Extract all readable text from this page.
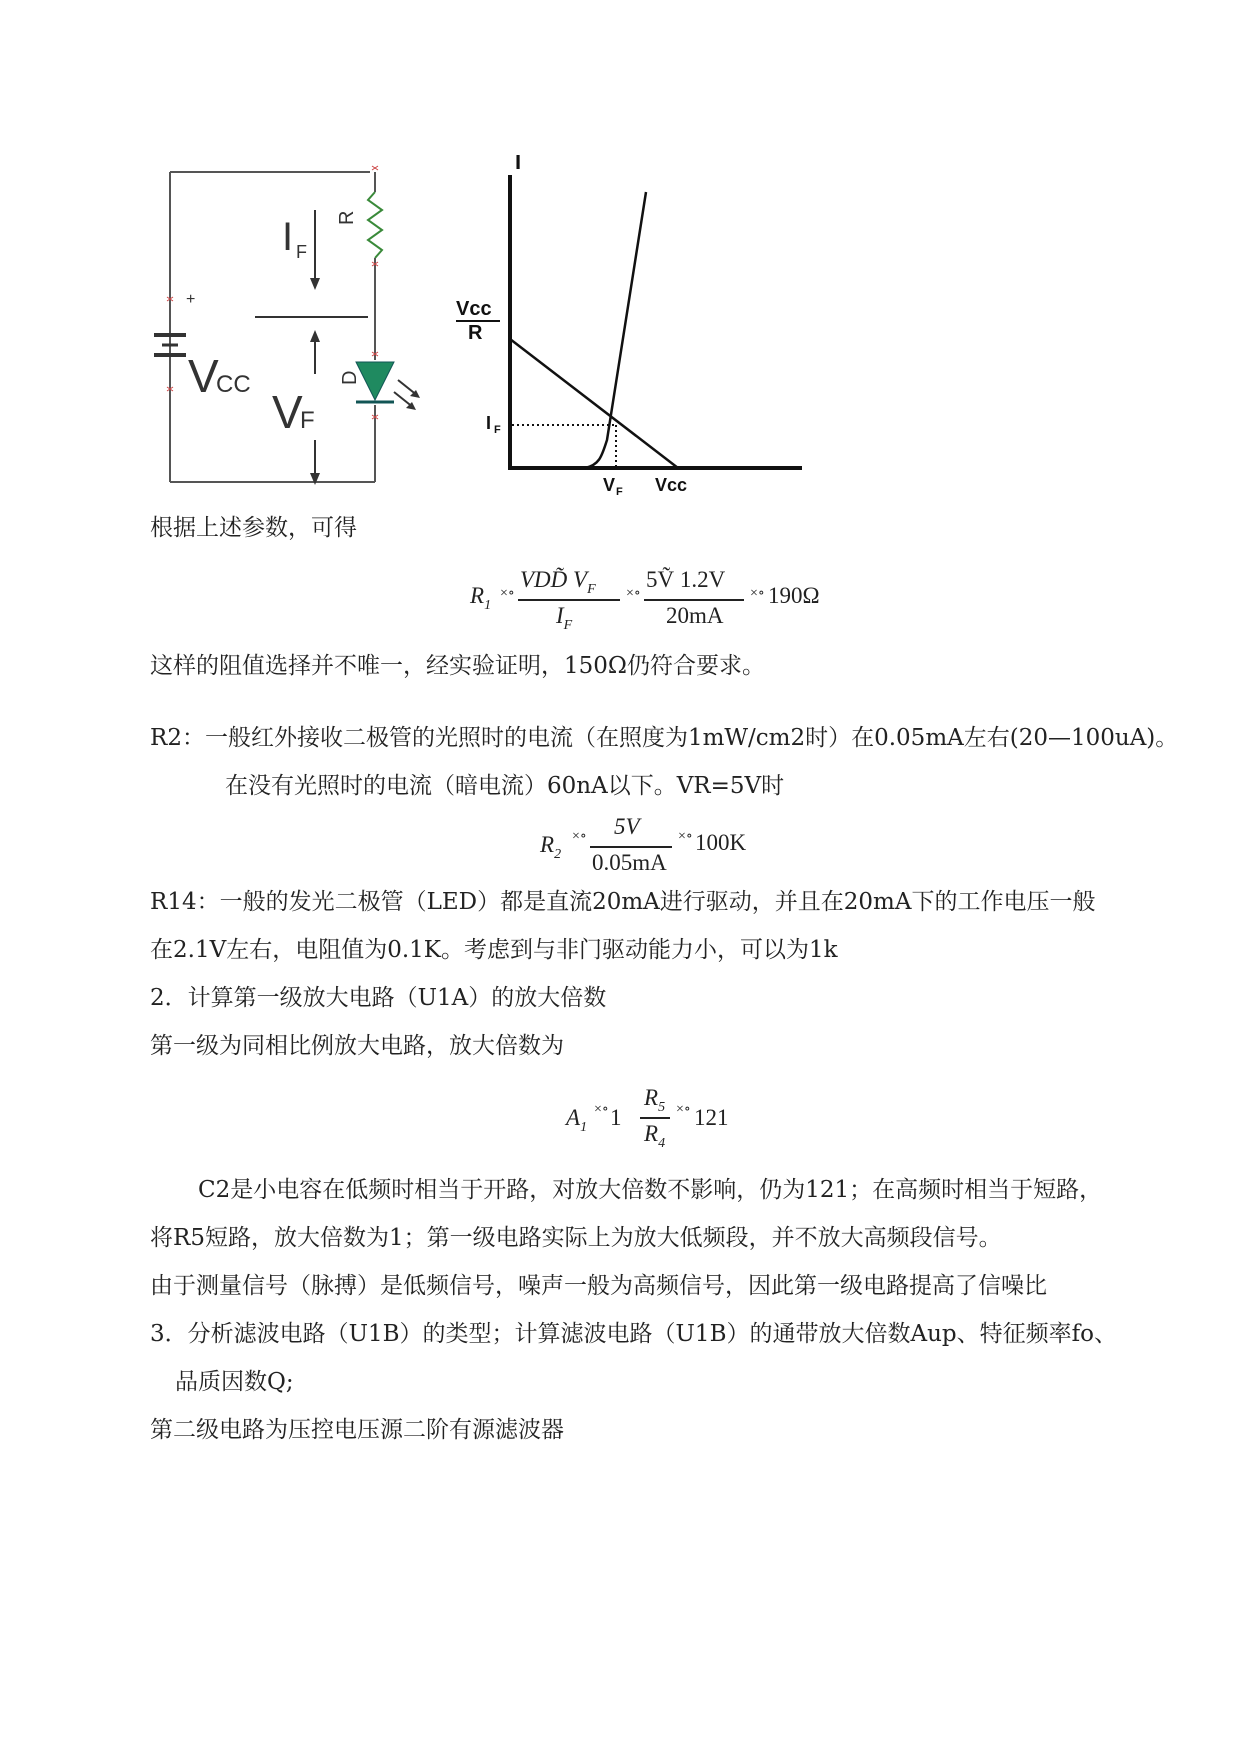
I F
R
+
V
CC
V
F
D
I
Vcc
R
I F
V F Vcc
根据上述参数，可得
$R_1$
×∘
VDD̃ $V_F$
$I_F$
×∘
5Ṽ 1.2V
20mA
×∘ 190Ω
这样的阻值选择并不唯一，经实验证明，150Ω仍符合要求。
R2：一般红外接收二极管的光照时的电流（在照度为1mW/cm2时）在0.05mA左右(20—100uA)。
在没有光照时的电流（暗电流）60nA以下。VR=5V时
$R_2$
×∘ 5V
0.05mA
×∘ 100K
R14：一般的发光二极管（LED）都是直流20mA进行驱动，并且在20mA下的工作电压一般
在2.1V左右，电阻值为0.1K。考虑到与非门驱动能力小，可以为1k
2．计算第一级放大电路（U1A）的放大倍数
第一级为同相比例放大电路，放大倍数为
$A_1$
×∘ 1
$R_5$
$R_4$
×∘ 121
C2是小电容在低频时相当于开路，对放大倍数不影响，仍为121；在高频时相当于短路，
将R5短路，放大倍数为1；第一级电路实际上为放大低频段，并不放大高频段信号。
由于测量信号（脉搏）是低频信号，噪声一般为高频信号，因此第一级电路提高了信噪比
3．分析滤波电路（U1B）的类型；计算滤波电路（U1B）的通带放大倍数Aup、特征频率fo、
品质因数Q;
第二级电路为压控电压源二阶有源滤波器
